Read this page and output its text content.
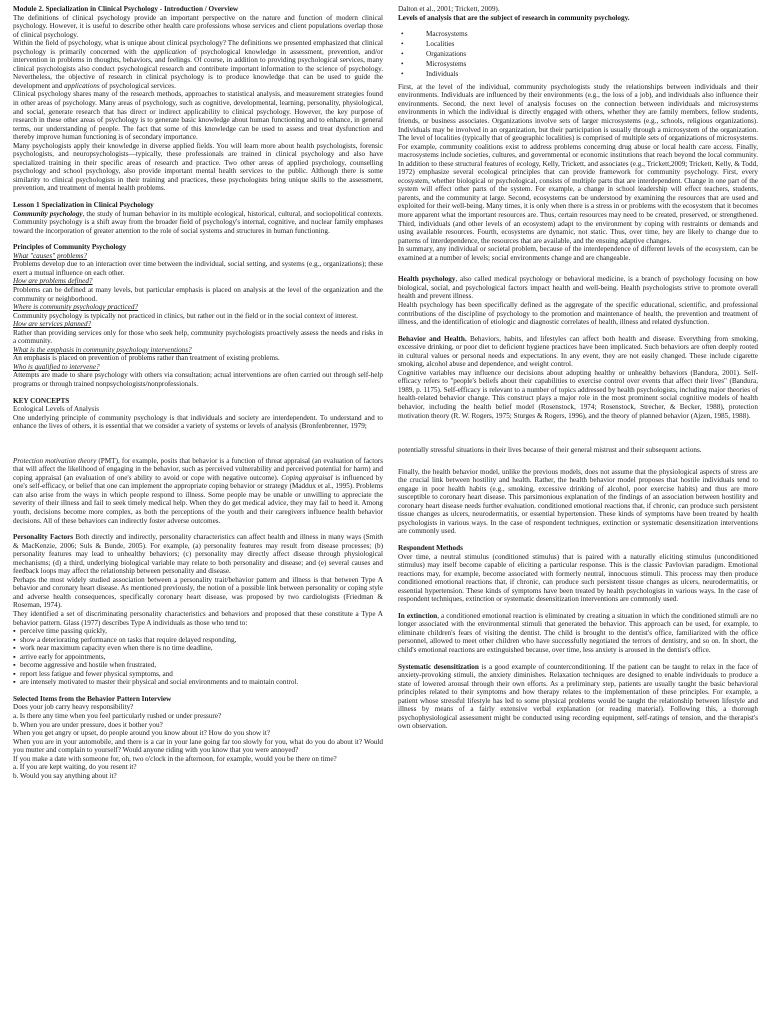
Module 2. Specialization in Clinical Psychology - Introduction / Overview
The definitions of clinical psychology provide an important perspective on the nature and function of modern clinical psychology. However, it is useful to describe other health care professions whose services and client populations overlap those of clinical psychology.
Within the field of psychology, what is unique about clinical psychology? The definitions we presented emphasized that clinical psychology is primarily concerned with the application of psychological knowledge in assessment, prevention, and/or intervention in problems in thoughts, behaviors, and feelings. Of course, in addition to providing psychological services, many clinical psychologists also conduct psychological research and contribute important information to the science of psychology. Nevertheless, the objective of research in clinical psychology is to produce knowledge that can be used to guide the development and applications of psychological services.
Clinical psychology shares many of the research methods, approaches to statistical analysis, and measurement strategies found in other areas of psychology. Many areas of psychology, such as cognitive, developmental, learning, personality, physiological, and social, generate research that has direct or indirect applicability to clinical psychology. However, the key purpose of research in these other areas of psychology is to generate basic knowledge about human functioning and to enhance, in general terms, our understanding of people. The fact that some of this knowledge can be used to assess and treat dysfunction and thereby improve human functioning is of secondary importance.
Many psychologists apply their knowledge in diverse applied fields. You will learn more about health psychologists, forensic psychologists, and neuropsychologists—typically, these professionals are trained in clinical psychology and also have specialized training in their specific areas of research and practice. Two other areas of applied psychology, counselling psychology and school psychology, also provide important mental health services to the public. Although there is some similarity to clinical psychologists in their training and practices, these psychologists bring unique skills to the assessment, prevention, and treatment of mental health problems.
Lesson 1 Specialization in Clinical Psychology
Community psychology, the study of human behavior in its multiple ecological, historical, cultural, and sociopolitical contexts. Community psychology is a shift away from the broader field of psychology's internal, cognitive, and nuclear family emphases toward the incorporation of greater attention to the role of social systems and structures in human functioning.
Principles of Community Psychology
What "causes" problems?
Problems develop due to an interaction over time between the individual, social setting, and systems (e.g., organizations); these exert a mutual influence on each other.
How are problems defined?
Problems can be defined at many levels, but particular emphasis is placed on analysis at the level of the organization and the community or neighborhood.
Where is community psychology practiced?
Community psychology is typically not practiced in clinics, but rather out in the field or in the social context of interest.
How are services planned?
Rather than providing services only for those who seek help, community psychologists proactively assess the needs and risks in a community.
What is the emphasis in community psychology interventions?
An emphasis is placed on prevention of problems rather than treatment of existing problems.
Who is qualified to intervene?
Attempts are made to share psychology with others via consultation; actual interventions are often carried out through self-help programs or through trained nonpsychologists/nonprofessionals.
KEY CONCEPTS
Ecological Levels of Analysis
One underlying principle of community psychology is that individuals and society are interdependent. To understand and to enhance the lives of others, it is essential that we consider a variety of systems or levels of analysis (Bronfenbrenner, 1979;
Protection motivation theory (PMT), for example, posits that behavior is a function of threat appraisal (an evaluation of factors that will affect the likelihood of engaging in the behavior, such as perceived vulnerability and perceived potential for harm) and coping appraisal (an evaluation of one's ability to avoid or cope with negative outcome). Coping appraisal is influenced by one's self-efficacy, or belief that one can implement the appropriate coping behavior or strategy (Maddux et al., 1995). Problems can also arise from the ways in which people respond to illness. Some people may be unable or unwilling to appreciate the severity of their illness and fail to seek timely medical help. When they do get medical advice, they may fail to heed it. Among youth, decisions become more complex, as both the perceptions of the youth and their caregivers influence health behavior decisions. All of these behaviors can indirectly foster adverse outcomes.
Personality Factors Both directly and indirectly, personality characteristics can affect health and illness in many ways (Smith & MacKenzie, 2006; Suls & Bunde, 2005). For example, (a) personality features may result from disease processes; (b) personality features may lead to unhealthy behaviors; (c) personality may directly affect disease through physiological mechanisms; (d) a third, underlying biological variable may relate to both personality and disease; and (e) several causes and feedback loops may affect the relationship between personality and disease.
Perhaps the most widely studied association between a personality trait/behavior pattern and illness is that between Type A behavior and coronary heart disease. As mentioned previously, the notion of a possible link between personality or coping style and adverse health consequences, specifically coronary heart disease, was proposed by two cardiologists (Friedman & Roseman, 1974).
They identified a set of discriminating personality characteristics and behaviors and proposed that these constitute a Type A behavior pattern. Glass (1977) describes Type A individuals as those who tend to:
▪ perceive time passing quickly,
▪ show a deteriorating performance on tasks that require delayed responding,
▪ work near maximum capacity even when there is no time deadline,
▪ arrive early for appointments,
▪ become aggressive and hostile when frustrated,
▪ report less fatigue and fewer physical symptoms, and
▪ are intensely motivated to master their physical and social environments and to maintain control.
Selected Items from the Behavior Pattern Interview
Does your job carry heavy responsibility?
a. Is there any time when you feel particularly rushed or under pressure?
b. When you are under pressure, does it bother you?
When you get angry or upset, do people around you know about it? How do you show it?
When you are in your automobile, and there is a car in your lane going far too slowly for you, what do you do about it? Would you mutter and complain to yourself? Would anyone riding with you know that you were annoyed?
If you make a date with someone for, oh, two o'clock in the afternoon, for example, would you be there on time?
a. If you are kept waiting, do you resent it?
b. Would you say anything about it?
Dalton et al., 2001; Trickett, 2009).
Levels of analysis that are the subject of research in community psychology.
• Macrosystems
• Localities
• Organizations
• Microsystems
• Individuals
First, at the level of the individual, community psychologists study the relationships between individuals and their environments. Individuals are influenced by their environments (e.g., the loss of a job), and individuals also influence their environments. Second, the next level of analysis focuses on the connection between individuals and microsystems environments in which the individual is directly engaged with others, whether they are family members, fellow students, friends, or business associates. Organizations involve sets of larger microsystems (e.g., schools, religious organizations). Individuals may be involved in an organization, but their participation is usually through a microsystem of the organization. The level of localities (typically that of geographic localities) is comprised of multiple sets of organizations of microsystems. For example, community coalitions exist to address problems concerning drug abuse or local health care access. Finally, macrosystems include societies, cultures, and governmental or economic institutions that reach beyond the local community. In addition to these structural features of ecology, Kelly, Trickett, and associates (e.g., Trickett,2009; Trickett, Kelly, & Todd, 1972) emphasize several ecological principles that can provide framework for community psychology. First, every ecosystem, whether biological or psychological, consists of multiple parts that are interdependent. Change in one part of the system will effect other parts of the system. For example, a change in school leadership will effect teachers, students, parents, and the community at large. Second, ecosystems can be understood by examining the resources that are used and exploited for their well-being. Many times, it is only when there is a stress in or problems with the ecosystem that it becomes more apparent what the important resources are. Thus, certain resources may need to be created, preserved, or strengthened. Third, individuals (and other levels of an ecosystem) adapt to the environment by coping with restraints or demands and using available resources. Fourth, ecosystems are dynamic, not static. Thus, over time, hey are likely to change due to patterns of interdependence, the resources that are available, and the ensuing adaptive changes.
In summary, any individual or societal problem, because of the interdependence of different levels of the ecosystem, can be examined at a number of levels; social environments change and are changeable.
Health psychology, also called medical psychology or behavioral medicine, is a branch of psychology focusing on how biological, social, and psychological factors impact health and well-being. Health psychologists strive to promote overall health and prevent illness.
Health psychology has been specifically defined as the aggregate of the specific educational, scientific, and professional contributions of the discipline of psychology to the promotion and maintenance of health, the prevention and treatment of illness, and the identification of etiologic and diagnostic correlates of health, illness and related dysfunction.
Behavior and Health. Behaviors, habits, and lifestyles can affect both health and disease. Everything from smoking, excessive drinking, or poor diet to deficient hygiene practices have been implicated. Such behaviors are often deeply rooted in cultural values or personal needs and expectations. In any event, they are not easily changed. These include cigarette smoking, alcohol abuse and dependence, and weight control.
Cognitive variables may influence our decisions about adopting healthy or unhealthy behaviors (Bandura, 2001). Self-efficacy refers to "people's beliefs about their capabilities to exercise control over events that affect their lives" (Bandura, 1989, p. 1175). Self-efficacy is relevant to a number of topics addressed by health psychologists, including major theories of health-related behavior change. This construct plays a major role in the most prominent social cognitive models of health behavior, including the health belief model (Rosenstock, 1974; Rosenstock, Strecher, & Becker, 1988), protection motivation theory (R. W. Rogers, 1975; Sturges & Rogers, 1996), and the theory of planned behavior (Ajzen, 1985, 1988).
potentially stressful situations in their lives because of their general mistrust and their subsequent actions.
Finally, the health behavior model, unlike the previous models, does not assume that the physiological aspects of stress are the crucial link between hostility and health. Rather, the health behavior model proposes that hostile individuals tend to engage in poor health habits (e.g., smoking, excessive drinking of alcohol, poor exercise habits) and thus are more susceptible to coronary heart disease. This parsimonious explanation of the findings of an association between hostility and coronary heart disease needs further evaluation. conditioned emotional reactions that, if chronic, can produce such persistent tissue changes as ulcers, neurodermatitis, or essential hypertension. These kinds of symptoms have been treated by health psychologists in various ways. In the case of respondent techniques, extinction or systematic desensitization interventions are commonly used.
Respondent Methods
Over time, a neutral stimulus (conditioned stimulus) that is paired with a naturally eliciting stimulus (unconditioned stimulus) may itself become capable of eliciting a particular response. This is the classic Pavlovian paradigm. Emotional reactions may, for example, become associated with formerly neutral, innocuous stimuli. This process may then produce conditioned emotional reactions that, if chronic, can produce such persistent tissue changes as ulcers, neurodermatitis, or essential hypertension. These kinds of symptoms have been treated by health psychologists in various ways. In the case of respondent techniques, extinction or systematic desensitization interventions are commonly used.
In extinction, a conditioned emotional reaction is eliminated by creating a situation in which the conditioned stimuli are no longer associated with the environmental stimuli that generated the behavior. This approach can be used, for example, to eliminate children's fears of visiting the dentist. The child is brought to the dentist's office, familiarized with the office personnel, allowed to meet other children who have successfully negotiated the terrors of dentistry, and so on. In short, the child's emotional reactions are extinguished because, over time, less anxiety is aroused in the dentist's office.
Systematic desensitization is a good example of counterconditioning. If the patient can be taught to relax in the face of anxiety-provoking stimuli, the anxiety diminishes. Relaxation techniques are designed to enable individuals to produce a state of lowered arousal through their own efforts. As a preliminary step, patients are usually taught the basic behavioral principles related to their symptoms and how therapy relates to the implementation of these principles. For example, a patient whose stressful lifestyle has led to some physical problems would be taught the relationship between lifestyle and illness by means of a fairly extensive verbal explanation (or reading material). Following this, a thorough psychophysiological assessment might be conducted using recording equipment, self-ratings of tension, and the therapist's own observation.
